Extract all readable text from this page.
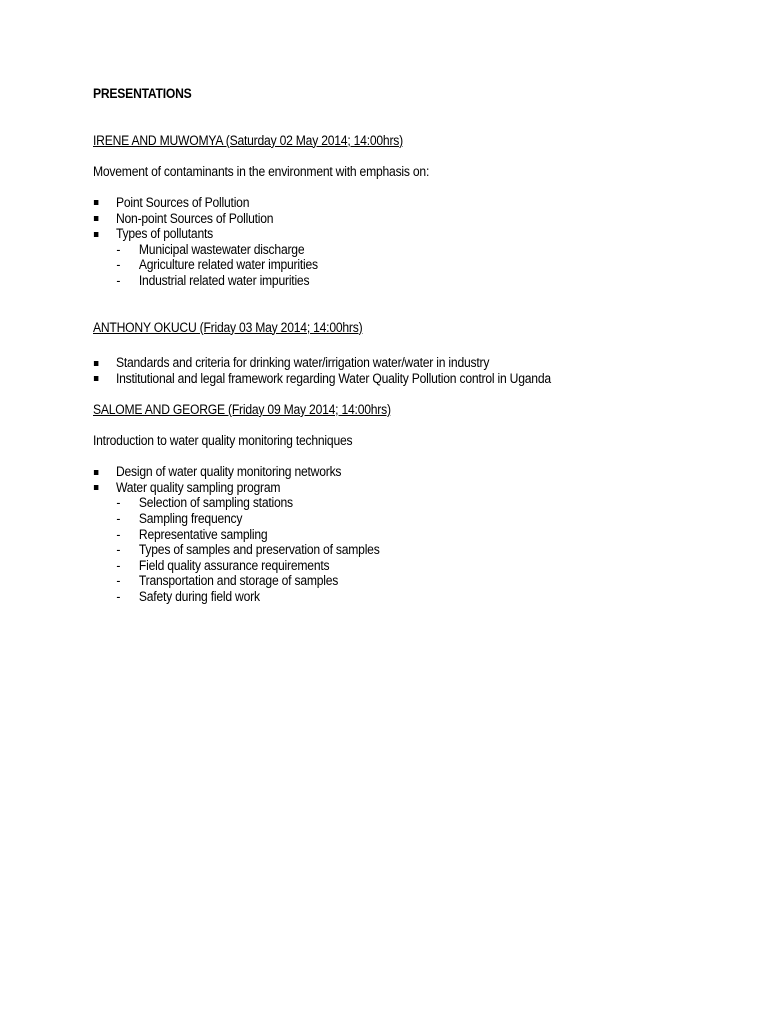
PRESENTATIONS

IRENE AND MUWOMYA (Saturday 02 May 2014; 14:00hrs)

Movement of contaminants in the environment with emphasis on:

Point Sources of Pollution
Non-point Sources of Pollution
Types of pollutants
- Municipal wastewater discharge
- Agriculture related water impurities
- Industrial related water impurities

ANTHONY OKUCU (Friday 03 May 2014; 14:00hrs)

Standards and criteria for drinking water/irrigation water/water in industry
Institutional and legal framework regarding Water Quality Pollution control in Uganda

SALOME AND GEORGE (Friday 09 May 2014; 14:00hrs)

Introduction to water quality monitoring techniques

Design of water quality monitoring networks
Water quality sampling program
- Selection of sampling stations
- Sampling frequency
- Representative sampling
- Types of samples and preservation of samples
- Field quality assurance requirements
- Transportation and storage of samples
- Safety during field work
